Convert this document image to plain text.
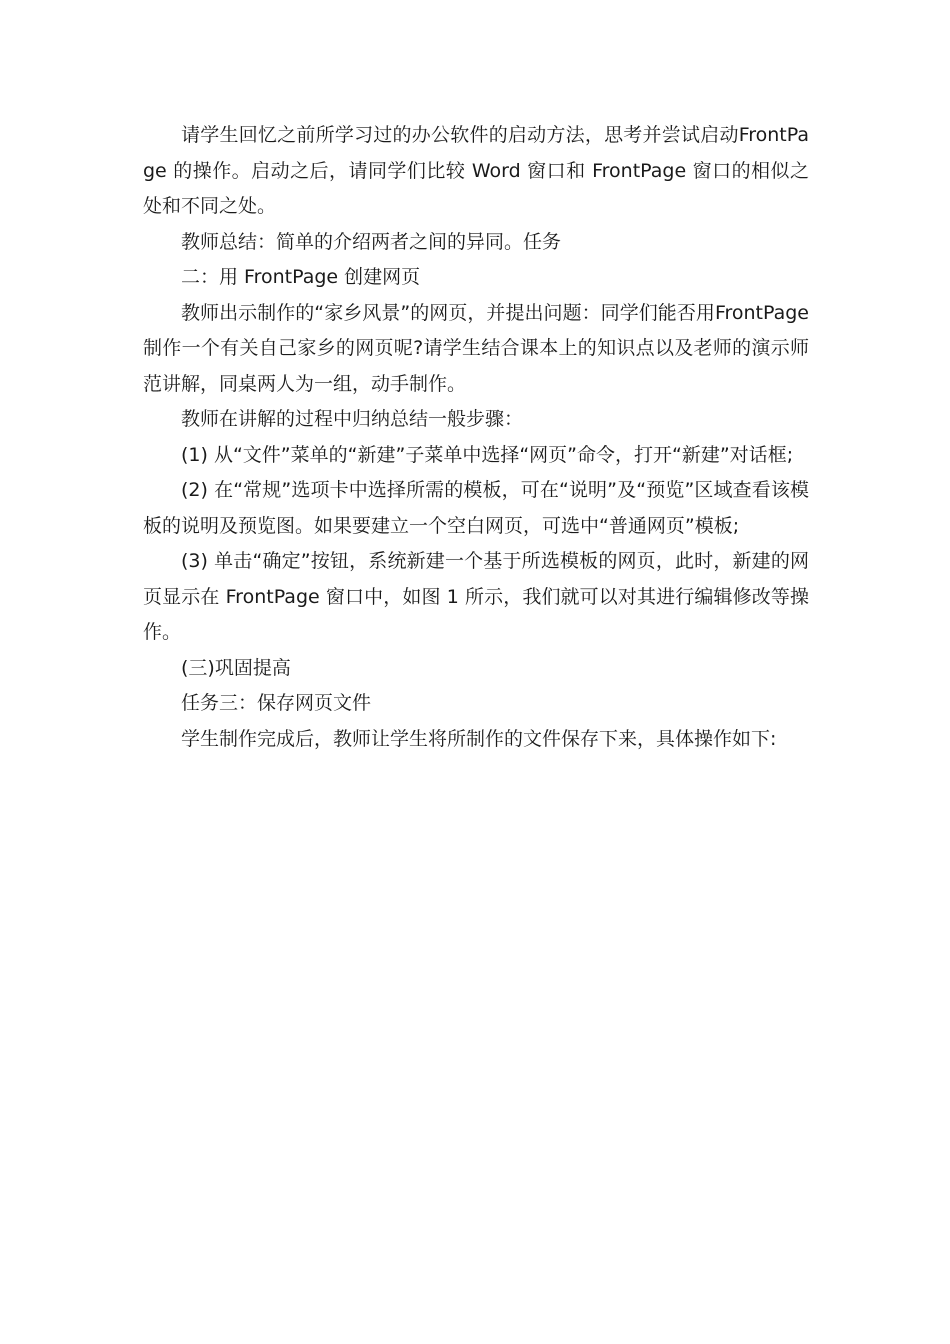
请学生回忆之前所学习过的办公软件的启动方法，思考并尝试启动FrontPage 的操作。启动之后，请同学们比较 Word 窗口和 FrontPage 窗口的相似之处和不同之处。

教师总结：简单的介绍两者之间的异同。任务

二：用 FrontPage 创建网页

教师出示制作的“家乡风景”的网页，并提出问题：同学们能否用FrontPage 制作一个有关自己家乡的网页呢?请学生结合课本上的知识点以及老师的演示师范讲解，同桌两人为一组，动手制作。

教师在讲解的过程中归纳总结一般步骤：

(1) 从“文件”菜单的“新建”子菜单中选择“网页”命令，打开“新建”对话框;

(2) 在“常规”选项卡中选择所需的模板，可在“说明”及“预览”区域查看该模板的说明及预览图。如果要建立一个空白网页，可选中“普通网页”模板;

(3) 单击“确定”按钮，系统新建一个基于所选模板的网页，此时，新建的网页显示在 FrontPage 窗口中，如图 1 所示，我们就可以对其进行编辑修改等操作。

(三)巩固提高

任务三：保存网页文件

学生制作完成后，教师让学生将所制作的文件保存下来，具体操作如下:
